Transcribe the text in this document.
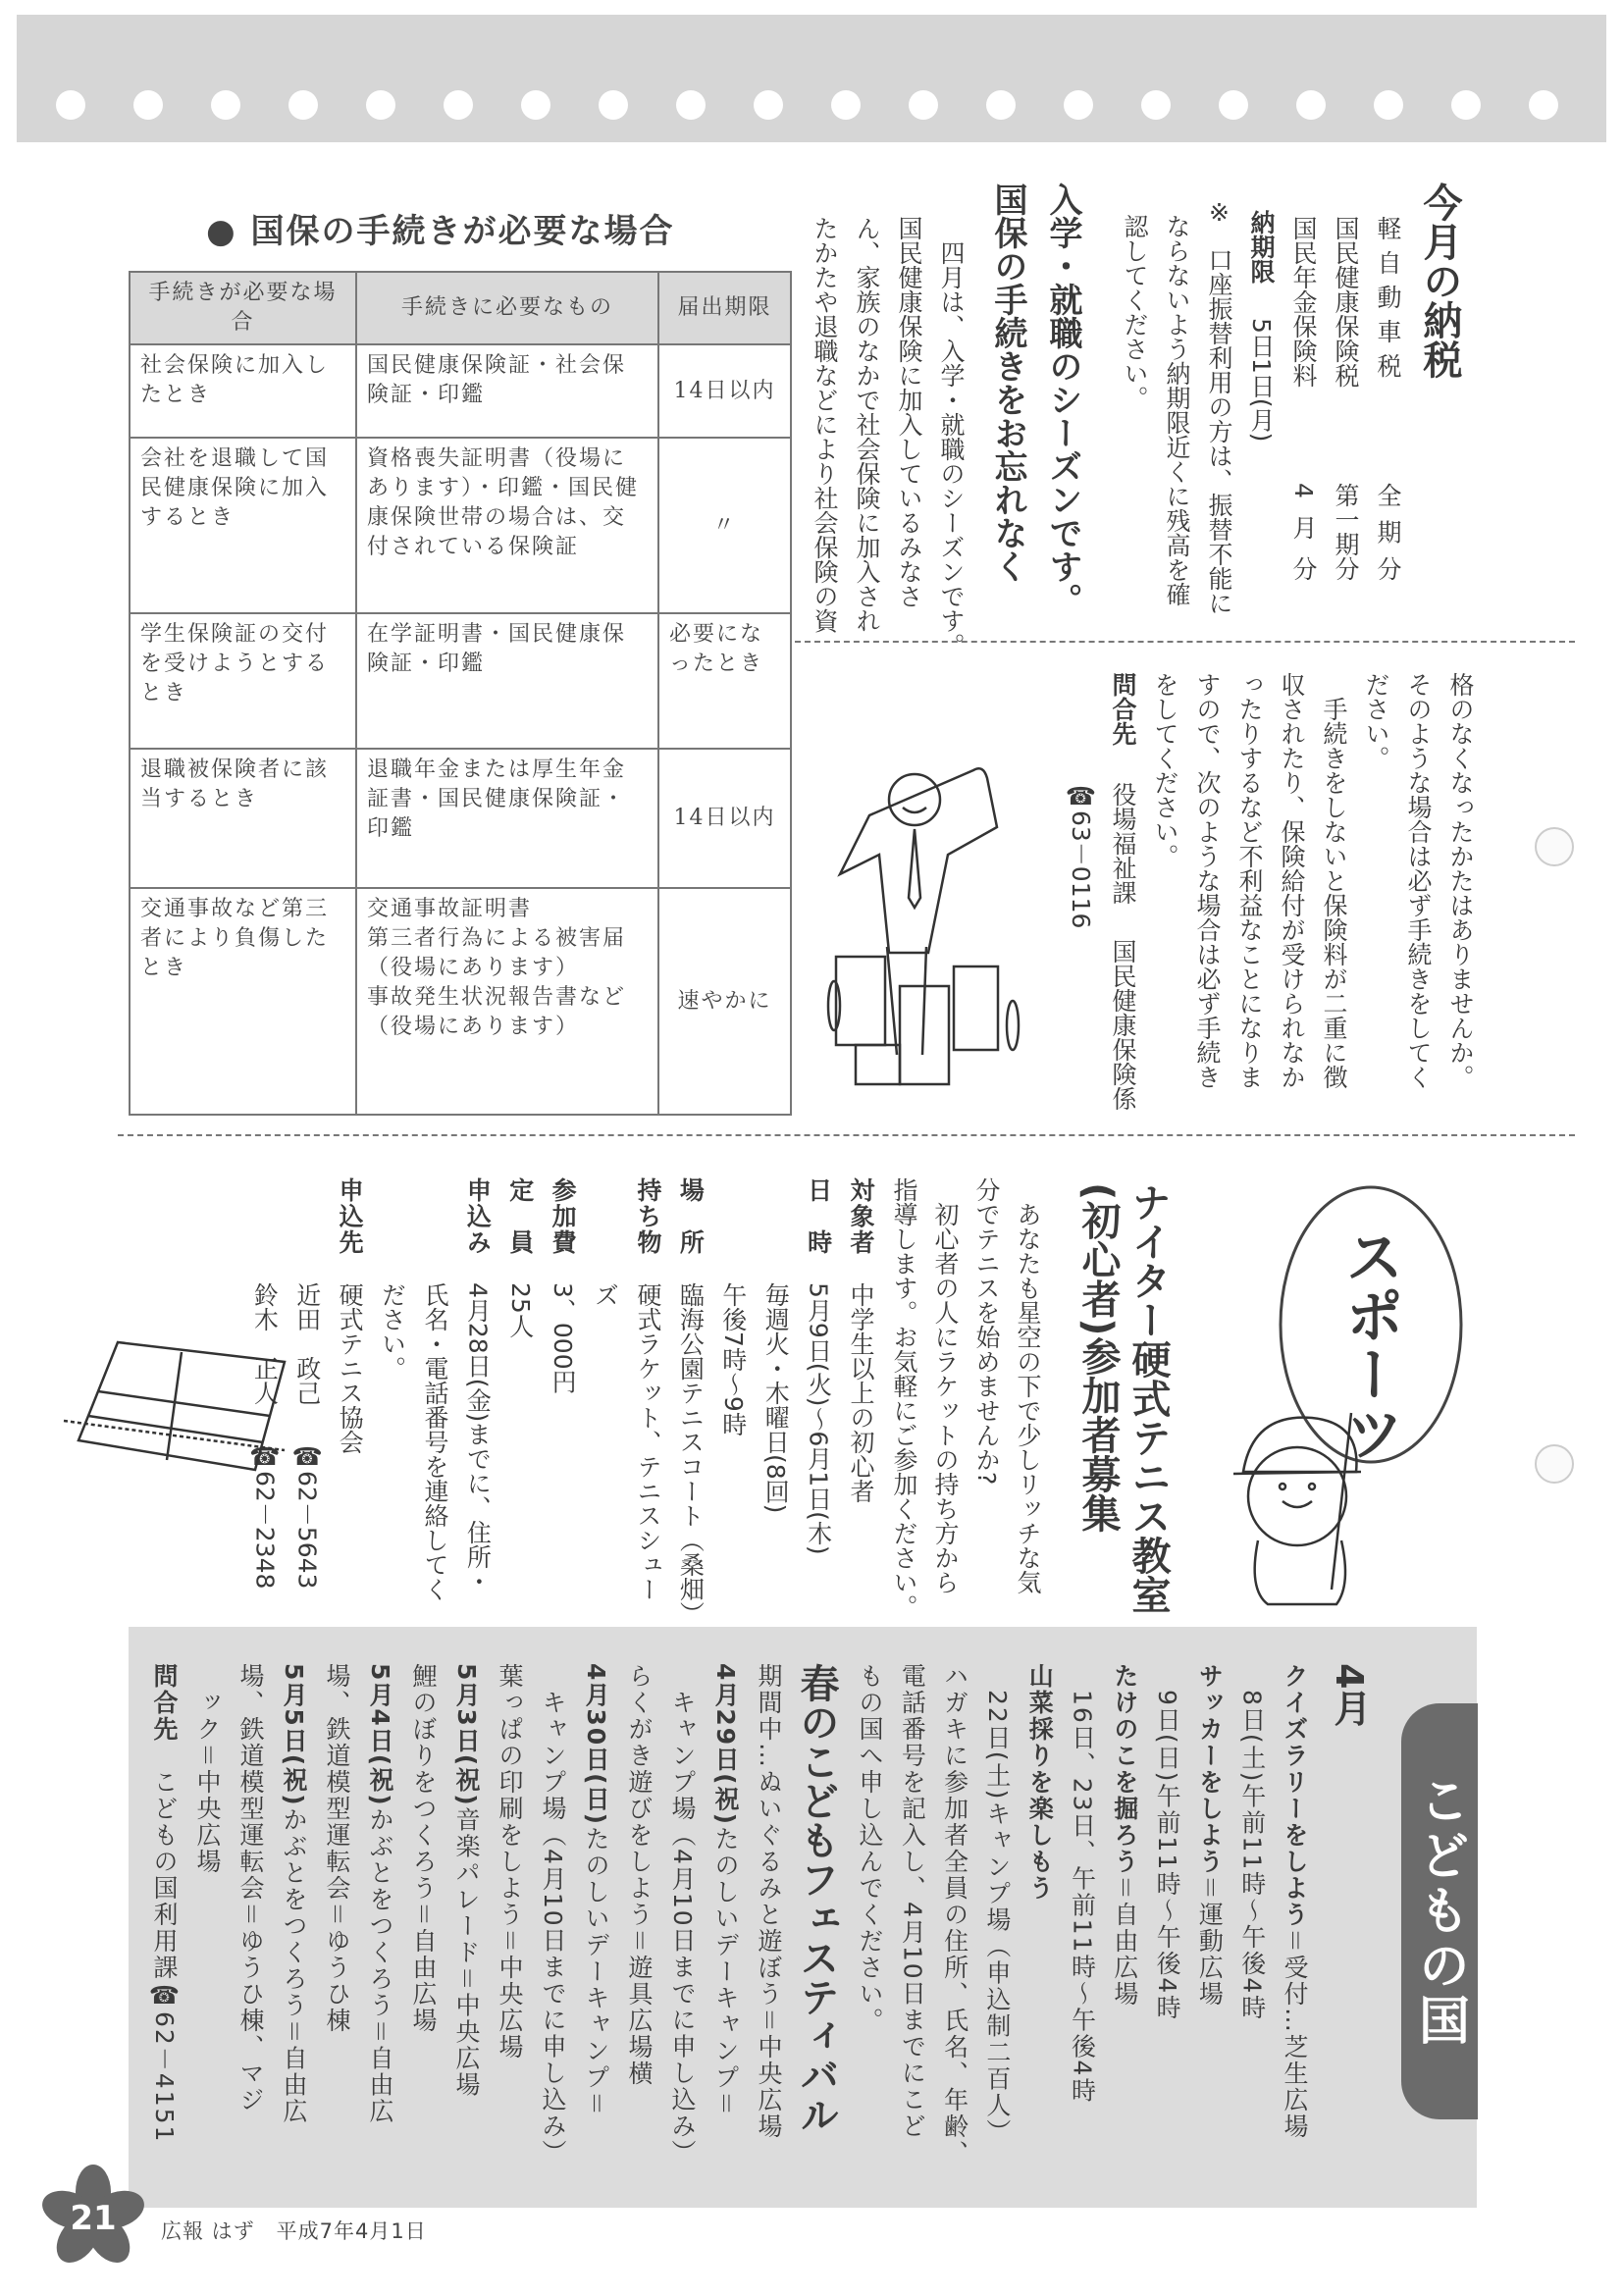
今月の納税
軽自動車税全期分
国民健康保険税第一期分
国民年金保険料4月分
納期限5日1日(月)
※口座振替利用の方は、振替不能に
ならないよう納期限近くに残高を確
認してください。
入学・就職のシーズンです。
国保の手続きをお忘れなく
　四月は、入学・就職のシーズンです。
国民健康保険に加入しているみなさ
ん、家族のなかで社会保険に加入され
たかたや退職などにより社会保険の資
格のなくなったかたはありませんか。
そのような場合は必ず手続きをしてく
ださい。
　手続きをしないと保険料が二重に徴
収されたり、保険給付が受けられなか
ったりするなど不利益なことになりま
すので、次のような場合は必ず手続き
をしてください。
問合先役場福祉課国民健康保険係
☎63－0116
● 国保の手続きが必要な場合
手続きが必要な場合	手続きに必要なもの	届出期限
社会保険に加入したとき	国民健康保険証・社会保険証・印鑑	14日以内
会社を退職して国民健康保険に加入するとき	資格喪失証明書（役場にあります）・印鑑・国民健康保険世帯の場合は、交付されている保険証	〃
学生保険証の交付を受けようとするとき	在学証明書・国民健康保険証・印鑑	必要になったとき
退職被保険者に該当するとき	退職年金または厚生年金証書・国民健康保険証・印鑑	14日以内
交通事故など第三者により負傷したとき	交通事故証明書
第三者行為による被害届
（役場にあります）
事故発生状況報告書など
（役場にあります）	速やかに
スポーツ
ナイター硬式テニス教室
(初心者)参加者募集
　あなたも星空の下で少しリッチな気
分でテニスを始めませんか?
　初心者の人にラケットの持ち方から
指導します。お気軽にご参加ください。
対象者中学生以上の初心者
日時5月9日(火)～6月1日(木)
毎週火・木曜日(8回)
午後7時～9時
場所臨海公園テニスコート（桑畑）
持ち物硬式ラケット、テニスシュー
ズ
参加費3、000円
定員25人
申込み4月28日(金)までに、住所・
氏名・電話番号を連絡してく
ださい。
申込先硬式テニス協会
近田　政己☎62－5643
鈴木　正人☎62－2348
こどもの国
4月
クイズラリーをしよう＝受付…芝生広場
　8日(土)午前11時～午後4時
サッカーをしよう＝運動広場
　9日(日)午前11時～午後4時
たけのこを掘ろう＝自由広場
　16日、23日、午前11時～午後4時
山菜採りを楽しもう
　22日(土)キャンプ場（申込制二百人）
ハガキに参加者全員の住所、氏名、年齢、
電話番号を記入し、4月10日までにこど
もの国へ申し込んでください。
春のこどもフェスティバル
期間中…ぬいぐるみと遊ぼう＝中央広場
4月29日(祝)たのしいデーキャンプ＝
　キャンプ場（4月10日までに申し込み）
らくがき遊びをしよう＝遊具広場横
4月30日(日)たのしいデーキャンプ＝
　キャンプ場（4月10日までに申し込み）
葉っぱの印刷をしよう＝中央広場
5月3日(祝)音楽パレード＝中央広場
鯉のぼりをつくろう＝自由広場
5月4日(祝)かぶとをつくろう＝自由広
場、鉄道模型運転会＝ゆうひ棟
5月5日(祝)かぶとをつくろう＝自由広
場、鉄道模型運転会＝ゆうひ棟、マジ
　ック＝中央広場
問合先　こどもの国利用課☎62－4151
21 広報 はず　平成7年4月1日
